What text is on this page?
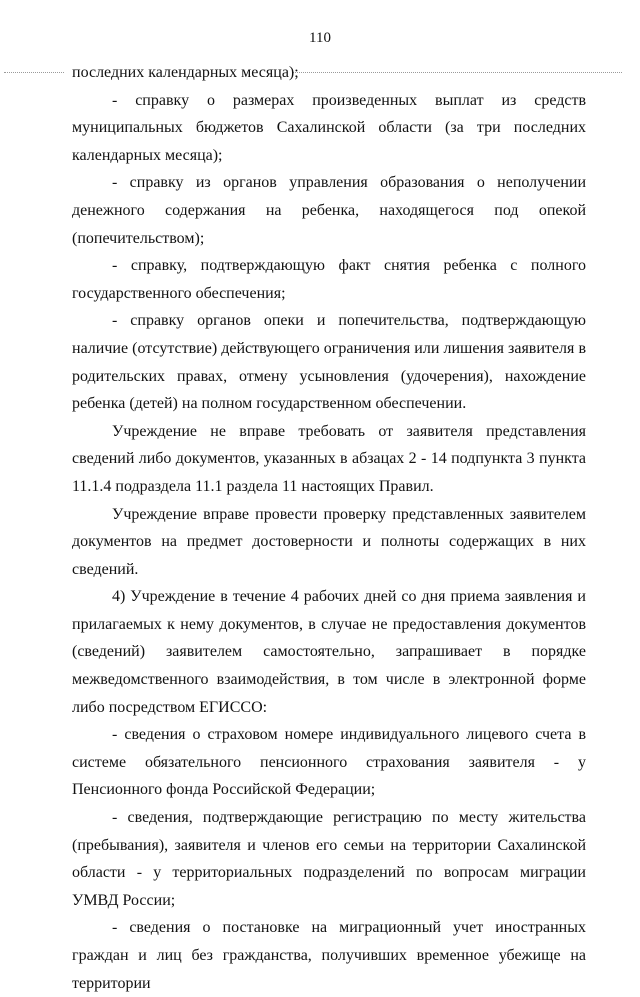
110

последних календарных месяца);

- справку о размерах произведенных выплат из средств муниципальных бюджетов Сахалинской области (за три последних календарных месяца);

- справку из органов управления образования о неполучении денежного содержания на ребенка, находящегося под опекой (попечительством);

- справку, подтверждающую факт снятия ребенка с полного государственного обеспечения;

- справку органов опеки и попечительства, подтверждающую наличие (отсутствие) действующего ограничения или лишения заявителя в родительских правах, отмену усыновления (удочерения), нахождение ребенка (детей) на полном государственном обеспечении.

Учреждение не вправе требовать от заявителя представления сведений либо документов, указанных в абзацах 2 - 14 подпункта 3 пункта 11.1.4 подраздела 11.1 раздела 11 настоящих Правил.

Учреждение вправе провести проверку представленных заявителем документов на предмет достоверности и полноты содержащих в них сведений.

4) Учреждение в течение 4 рабочих дней со дня приема заявления и прилагаемых к нему документов, в случае не предоставления документов (сведений) заявителем самостоятельно, запрашивает в порядке межведомственного взаимодействия, в том числе в электронной форме либо посредством ЕГИССО:

- сведения о страховом номере индивидуального лицевого счета в системе обязательного пенсионного страхования заявителя - у Пенсионного фонда Российской Федерации;

- сведения, подтверждающие регистрацию по месту жительства (пребывания), заявителя и членов его семьи на территории Сахалинской области - у территориальных подразделений по вопросам миграции УМВД России;

- сведения о постановке на миграционный учет иностранных граждан и лиц без гражданства, получивших временное убежище на территории
